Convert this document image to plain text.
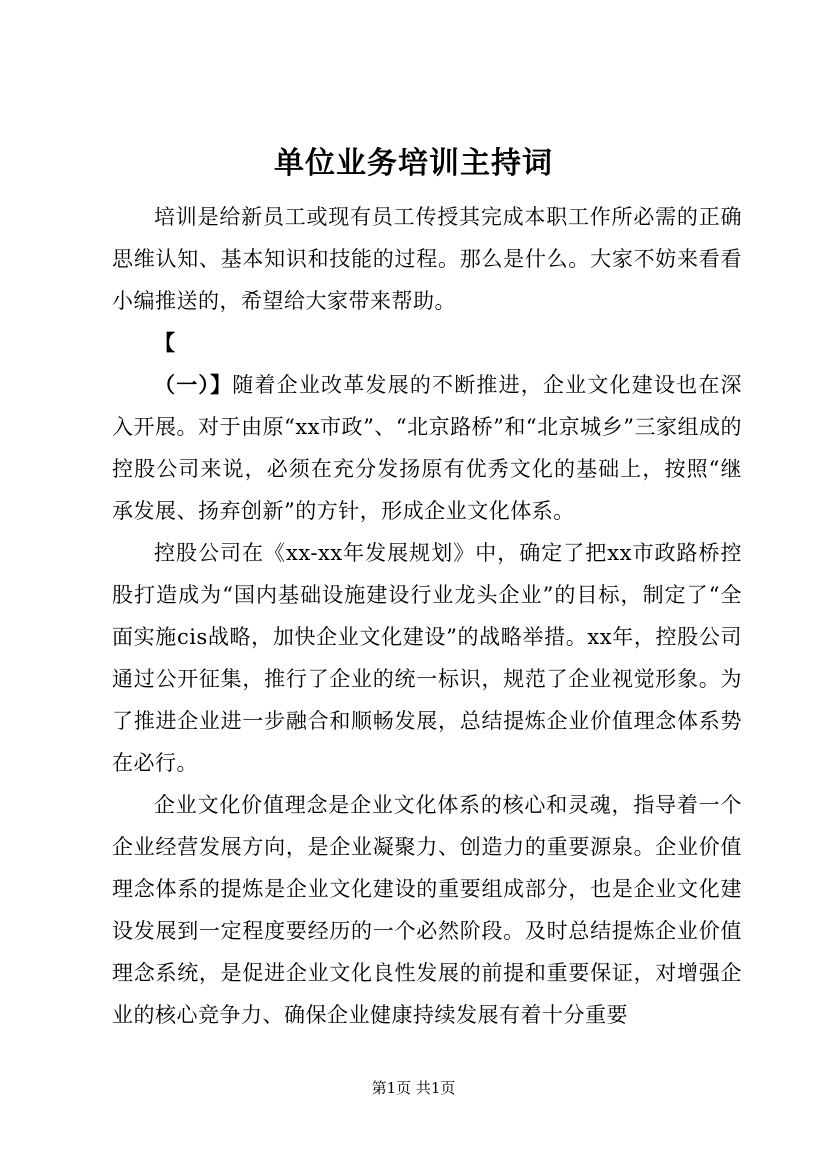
单位业务培训主持词

培训是给新员工或现有员工传授其完成本职工作所必需的正确思维认知、基本知识和技能的过程。那么是什么。大家不妨来看看小编推送的，希望给大家带来帮助。

【

（一）】随着企业改革发展的不断推进，企业文化建设也在深入开展。对于由原“xx市政”、“北京路桥”和“北京城乡”三家组成的控股公司来说，必须在充分发扬原有优秀文化的基础上，按照“继承发展、扬弃创新”的方针，形成企业文化体系。

控股公司在《xx-xx年发展规划》中，确定了把xx市政路桥控股打造成为“国内基础设施建设行业龙头企业”的目标，制定了“全面实施cis战略，加快企业文化建设”的战略举措。xx年，控股公司通过公开征集，推行了企业的统一标识，规范了企业视觉形象。为了推进企业进一步融合和顺畅发展，总结提炼企业价值理念体系势在必行。

企业文化价值理念是企业文化体系的核心和灵魂，指导着一个企业经营发展方向，是企业凝聚力、创造力的重要源泉。企业价值理念体系的提炼是企业文化建设的重要组成部分，也是企业文化建设发展到一定程度要经历的一个必然阶段。及时总结提炼企业价值理念系统，是促进企业文化良性发展的前提和重要保证，对增强企业的核心竞争力、确保企业健康持续发展有着十分重要

第1页 共1页
